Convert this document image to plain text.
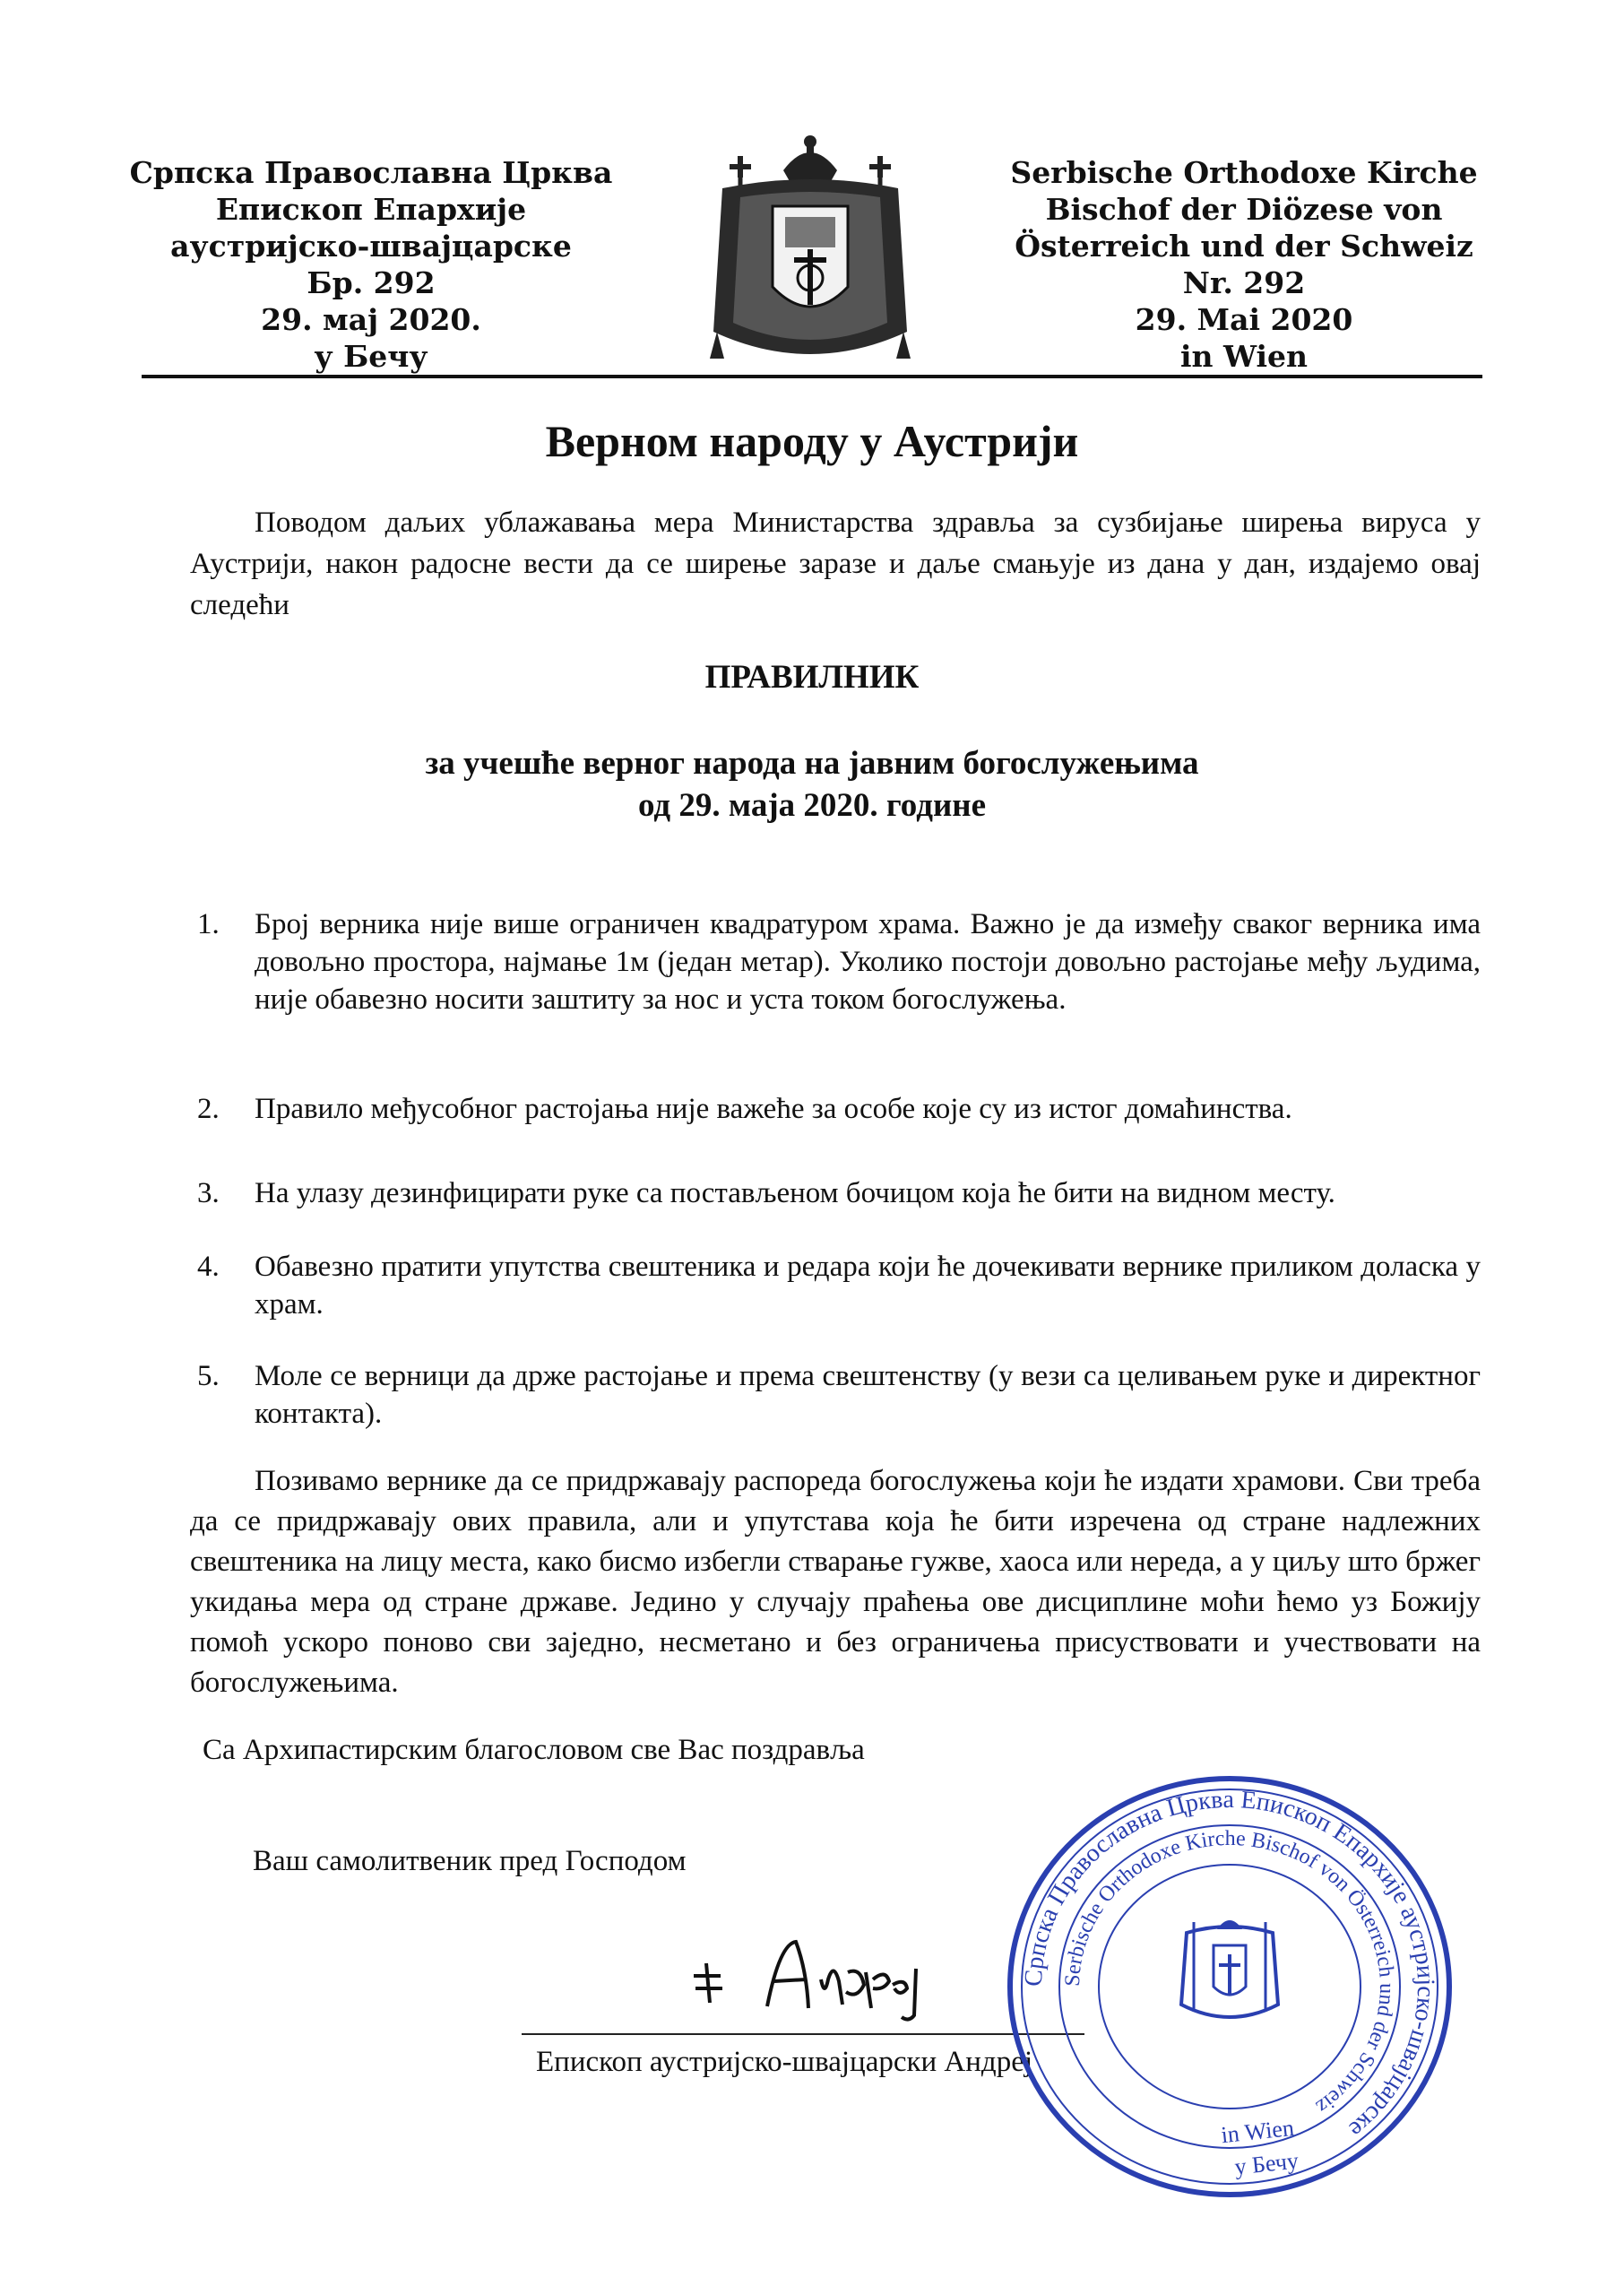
Српска Православна Црква
Епископ Епархије
аустријско-швајцарске
Бр. 292
29. мај 2020.
у Бечу
Serbische Orthodoxe Kirche
Bischof der Diözese von
Österreich und der Schweiz
Nr. 292
29. Mai 2020
in Wien
Верном народу у Аустрији

Поводом даљих ублажавања мера Министарства здравља за сузбијање ширења вируса у Аустрији, након радосне вести да се ширење заразе и даље смањује из дана у дан, издајемо овај следећи

ПРАВИЛНИК
за учешће верног народа на јавним богослужењима
од 29. маја 2020. године
1.	Број верника није више ограничен квадратуром храма. Важно је да између сваког верника има довољно простора, најмање 1м (један метар). Уколико постоји довољно растојање међу људима, није обавезно носити заштиту за нос и уста током богослужења.

2.	Правило међусобног растојања није важеће за особе које су из истог домаћинства.

3.	На улазу дезинфицирати руке са постављеном бочицом која ће бити на видном месту.

4.	Обавезно пратити упутства свештеника и редара који ће дочекивати вернике приликом доласка у храм.

5.	Моле се верници да држе растојање и према свештенству (у вези са целивањем руке и директног контакта).

Позивамо вернике да се придржавају распореда богослужења који ће издати храмови. Сви треба да се придржавају ових правила, али и упутстава која ће бити изречена од стране надлежних свештеника на лицу места, како бисмо избегли стварање гужве, хаоса или нереда, а у циљу што бржег укидања мера од стране државе. Једино у случају праћења ове дисциплине моћи ћемо уз Божију помоћ ускоро поново сви заједно, несметано и без ограничења присуствовати и учествовати на богослужењима.

Са Архипастирским благословом све Вас поздравља
Ваш самолитвеник пред Господом
Епископ аустријско-швајцарски Андреј
Српска Православна Црква Епископ Епархије аустријско-швајцарске
Serbische Orthodoxe Kirche Bischof von Österreich und der Schweiz
in Wien
у Бечу
